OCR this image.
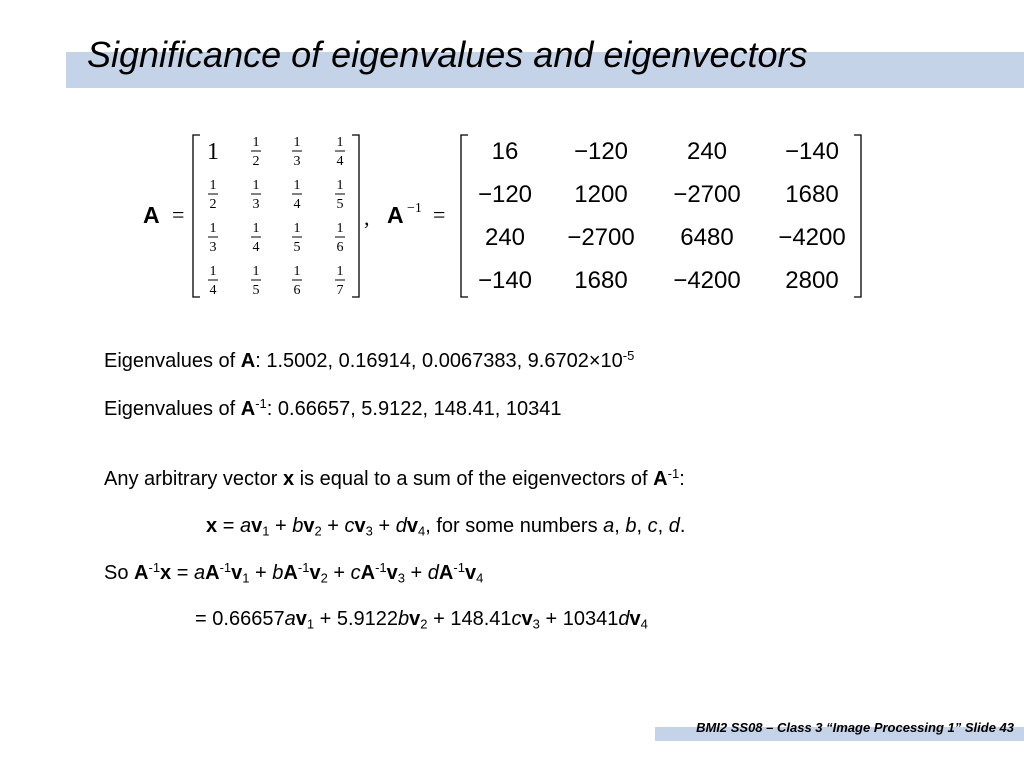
Significance of eigenvalues and eigenvectors
A =
1 1
2
1
3
1
4
1
2
1
3
1
4
1
5
1
3
1
4
1
5
1
6
1
4
1
5
1
6
1
7
, A −1 =
16 −120 240 −140
−120 1200 −2700 1680
240 −2700 6480 −4200
−140 1680 −4200 2800
Eigenvalues of A: 1.5002, 0.16914, 0.0067383, $9.6702\times 10^{-5}$
Eigenvalues of $A^{-1}$: 0.66657, 5.9122, 148.41, 10341
Any arbitrary vector x is equal to a sum of the eigenvectors of $A^{-1}$:
$x = av_1 + bv_2 + cv_3 + dv_4$, for some numbers a, b, c, d.
So $A^{-1}x = aA^{-1}v_1 + bA^{-1}v_2 + cA^{-1}v_3 + dA^{-1}v_4$
= $0.66657av_1 + 5.9122bv_2 + 148.41cv_3 + 10341dv_4$
BMI2 SS08 – Class 3 “Image Processing 1” Slide 43
